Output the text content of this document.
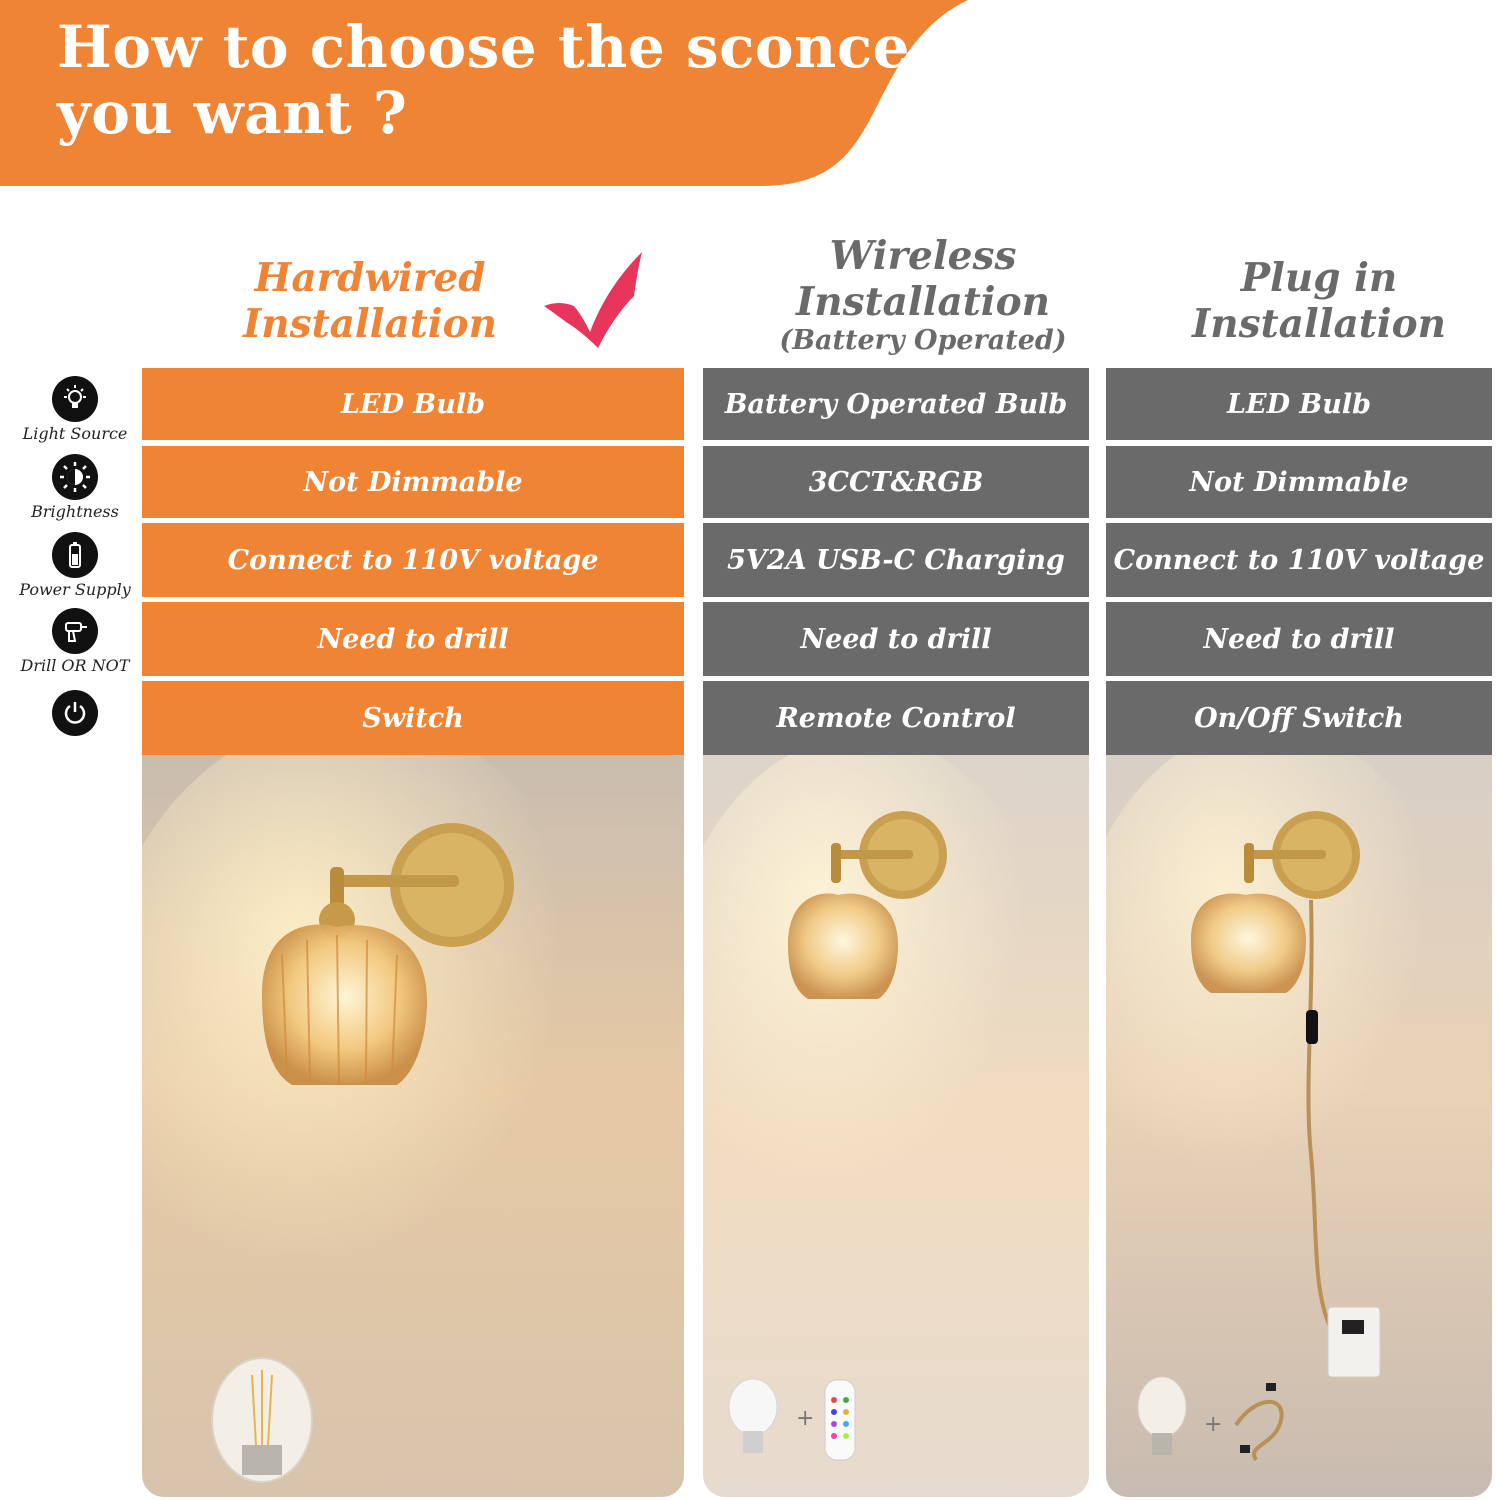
How to choose the sconce
you want ?
Hardwired
Installation
Wireless
Installation
(Battery Operated)
Plug in
Installation
Light Source
Brightness
Power Supply
Drill OR NOT
LED Bulb
Not Dimmable
Connect to 110V voltage
Need to drill
Switch
Battery Operated Bulb
3CCT&RGB
5V2A USB-C Charging
Need to drill
Remote Control
LED Bulb
Not Dimmable
Connect to 110V voltage
Need to drill
On/Off Switch
+	+
